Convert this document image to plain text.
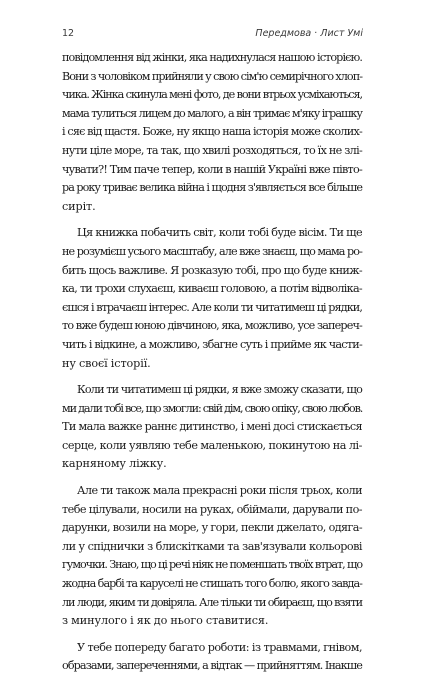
12	Передмова · Лист Умі

повідомлення від жінки, яка надихнулася нашою історією.
Вони з чоловіком прийняли у свою сім'ю семирічного хлоп-
чика. Жінка скинула мені фото, де вони втрьох усміхаються,
мама тулиться лицем до малого, а він тримає м'яку іграшку
і сяє від щастя. Боже, ну якщо наша історія може сколих-
нути ціле море, та так, що хвилі розходяться, то їх не злі-
чувати?! Тим паче тепер, коли в нашій Україні вже півто-
ра року триває велика війна і щодня з'являється все більше
сиріт.

Ця книжка побачить світ, коли тобі буде вісім. Ти ще
не розумієш усього масштабу, але вже знаєш, що мама ро-
бить щось важливе. Я розказую тобі, про що буде книж-
ка, ти трохи слухаєш, киваєш головою, а потім відволіка-
єшся і втрачаєш інтерес. Але коли ти читатимеш ці рядки,
то вже будеш юною дівчиною, яка, можливо, усе запереч-
чить і відкине, а можливо, збагне суть і прийме як части-
ну своєї історії.

Коли ти читатимеш ці рядки, я вже зможу сказати, що
ми дали тобі все, що змогли: свій дім, свою опіку, свою любов.
Ти мала важке раннє дитинство, і мені досі стискається
серце, коли уявляю тебе маленькою, покинутою на лі-
карняному ліжку.

Але ти також мала прекрасні роки після трьох, коли
тебе цілували, носили на руках, обіймали, дарували по-
дарунки, возили на море, у гори, пекли джелато, одяга-
ли у спіднички з блискітками та зав'язували кольорові
гумочки. Знаю, що ці речі ніяк не поменшать твоїх втрат, що
жодна барбі та каруселі не стишать того болю, якого завда-
ли люди, яким ти довіряла. Але тільки ти обираєш, що взяти
з минулого і як до нього ставитися.

У тебе попереду багато роботи: із травмами, гнівом,
образами, запереченнями, а відтак — прийняттям. Інакше
